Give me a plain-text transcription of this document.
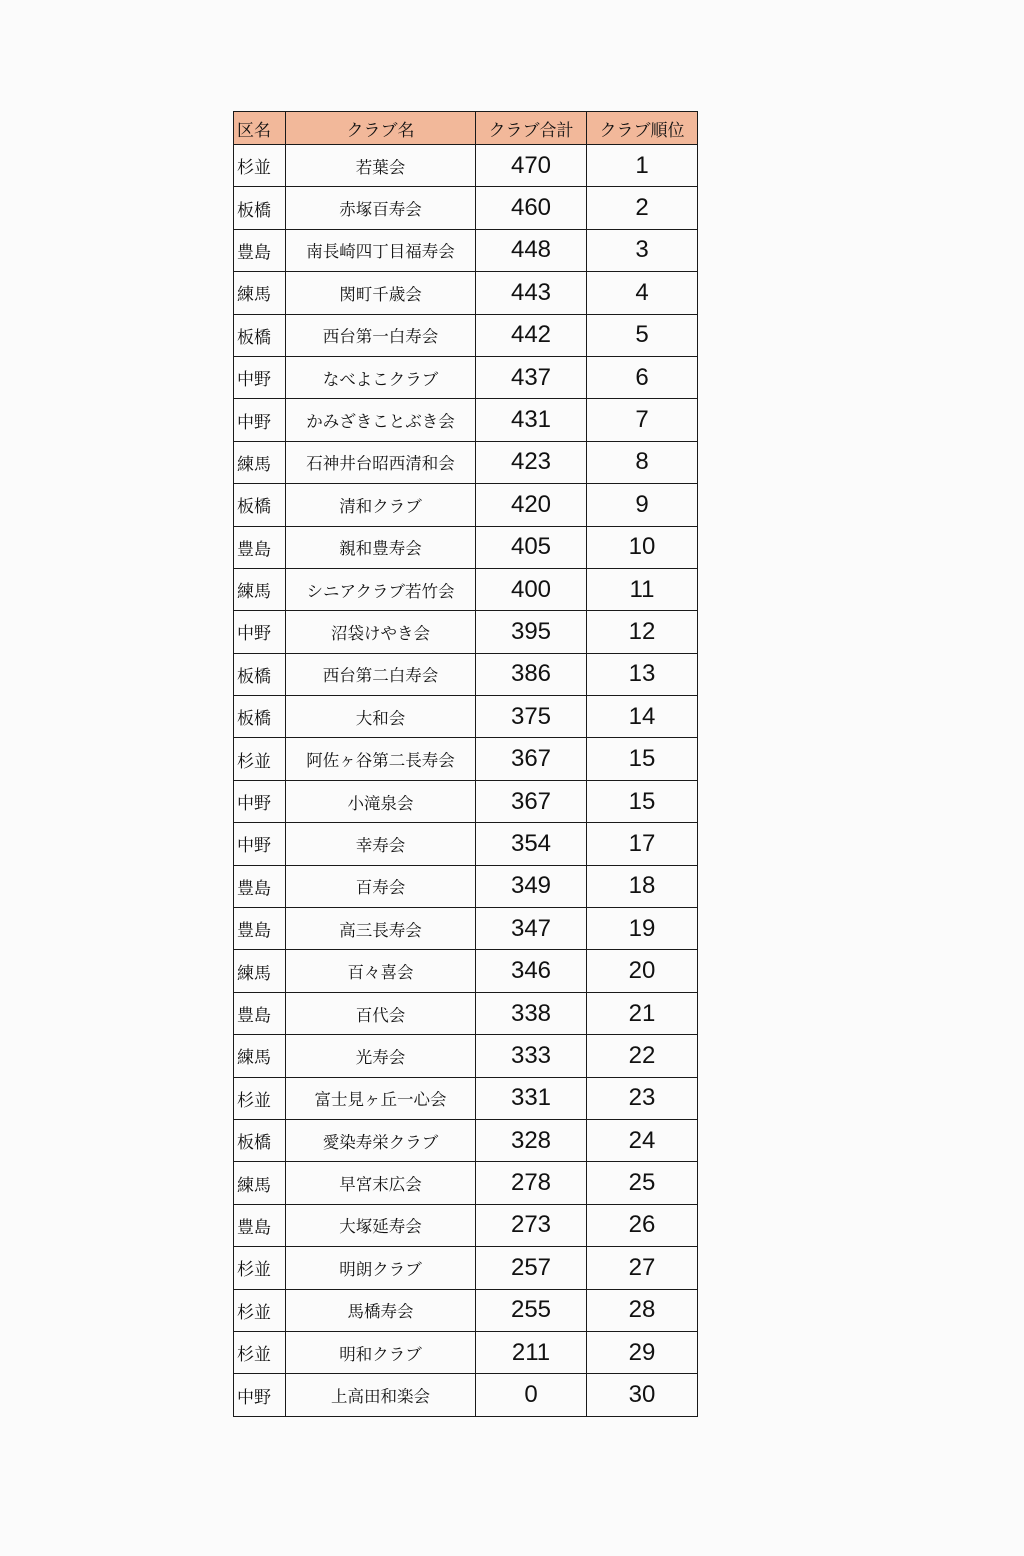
区名	クラブ名	クラブ合計	クラブ順位
杉並	若葉会	470	1
板橋	赤塚百寿会	460	2
豊島	南長崎四丁目福寿会	448	3
練馬	関町千歳会	443	4
板橋	西台第一白寿会	442	5
中野	なべよこクラブ	437	6
中野	かみざきことぶき会	431	7
練馬	石神井台昭西清和会	423	8
板橋	清和クラブ	420	9
豊島	親和豊寿会	405	10
練馬	シニアクラブ若竹会	400	11
中野	沼袋けやき会	395	12
板橋	西台第二白寿会	386	13
板橋	大和会	375	14
杉並	阿佐ヶ谷第二長寿会	367	15
中野	小滝泉会	367	15
中野	幸寿会	354	17
豊島	百寿会	349	18
豊島	高三長寿会	347	19
練馬	百々喜会	346	20
豊島	百代会	338	21
練馬	光寿会	333	22
杉並	富士見ヶ丘一心会	331	23
板橋	愛染寿栄クラブ	328	24
練馬	早宮末広会	278	25
豊島	大塚延寿会	273	26
杉並	明朗クラブ	257	27
杉並	馬橋寿会	255	28
杉並	明和クラブ	211	29
中野	上高田和楽会	0	30
